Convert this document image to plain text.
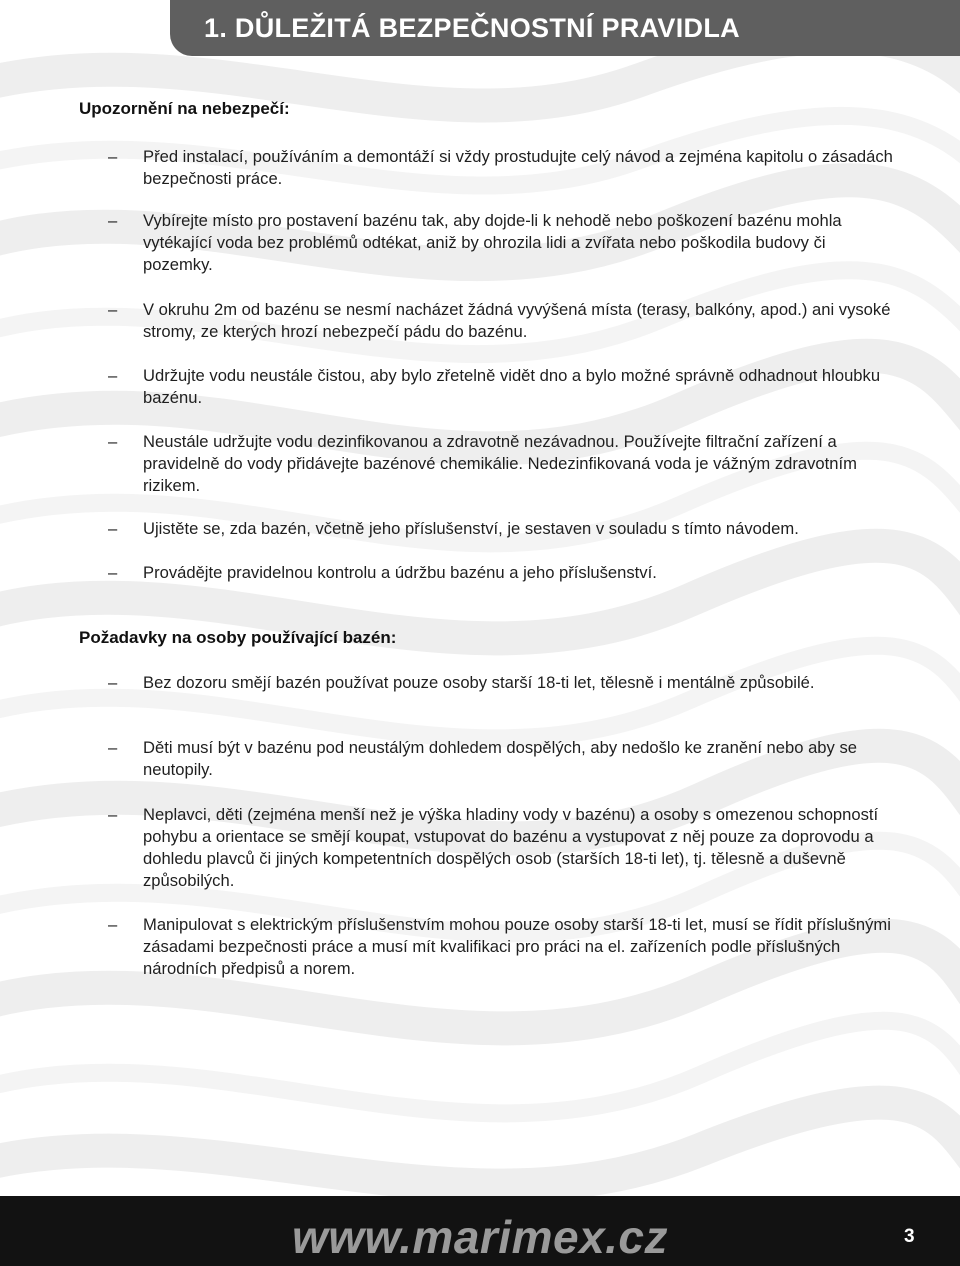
1. DŮLEŽITÁ BEZPEČNOSTNÍ PRAVIDLA
Upozornění na nebezpečí:
–	Před instalací, používáním a demontáží si vždy prostudujte celý návod a zejména kapitolu o zásadách bezpečnosti práce.
–	Vybírejte místo pro postavení bazénu tak, aby dojde-li k nehodě nebo poškození bazénu mohla vytékající voda bez problémů odtékat, aniž by ohrozila lidi a zvířata nebo poškodila budovy či pozemky.
–	V okruhu 2m od bazénu se nesmí nacházet žádná vyvýšená místa (terasy, balkóny, apod.) ani vysoké stromy, ze kterých hrozí nebezpečí pádu do bazénu.
–	Udržujte vodu neustále čistou, aby bylo zřetelně vidět dno a bylo možné správně odhadnout hloubku bazénu.
–	Neustále udržujte vodu dezinfikovanou a zdravotně nezávadnou. Používejte filtrační zařízení a pravidelně do vody přidávejte bazénové chemikálie. Nedezinfikovaná voda je vážným zdravotním rizikem.
–	Ujistěte se, zda bazén, včetně jeho příslušenství, je sestaven v souladu s tímto návodem.
–	Provádějte pravidelnou kontrolu a údržbu bazénu a jeho příslušenství.
Požadavky na osoby používající bazén:
–	Bez dozoru smějí bazén používat pouze osoby starší 18-ti let, tělesně i mentálně způsobilé.
–	Děti musí být v bazénu pod neustálým dohledem dospělých, aby nedošlo ke zranění nebo aby se neutopily.
–	Neplavci, děti (zejména menší než je výška hladiny vody v bazénu) a osoby s omezenou schopností pohybu a orientace se smějí koupat, vstupovat do bazénu a vystupovat z něj pouze za doprovodu a dohledu plavců či jiných kompetentních dospělých osob (starších 18-ti let), tj. tělesně a duševně způsobilých.
–	Manipulovat s elektrickým příslušenstvím mohou pouze osoby starší 18-ti let, musí se řídit příslušnými zásadami bezpečnosti práce a musí mít kvalifikaci pro práci na el. zařízeních podle příslušných národních předpisů a norem.
www.marimex.cz	3
